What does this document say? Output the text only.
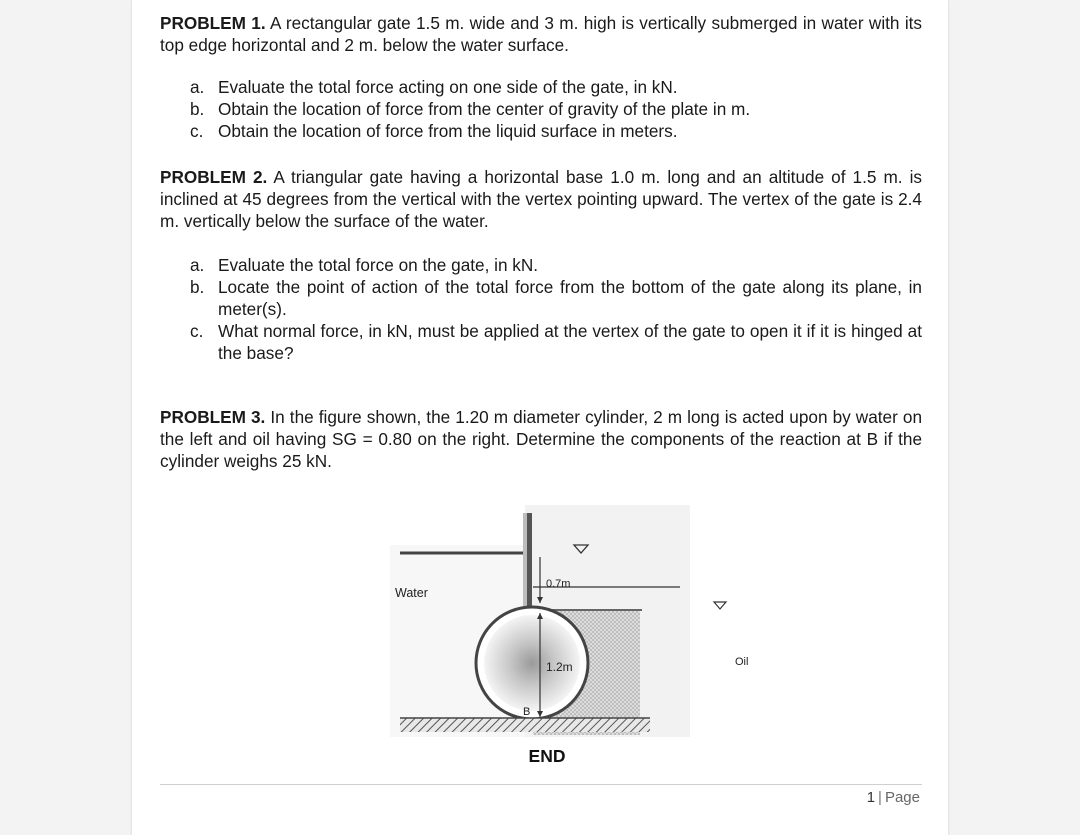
PROBLEM 1. A rectangular gate 1.5 m. wide and 3 m. high is vertically submerged in water with its top edge horizontal and 2 m. below the water surface.

a. Evaluate the total force acting on one side of the gate, in kN.
b. Obtain the location of force from the center of gravity of the plate in m.
c. Obtain the location of force from the liquid surface in meters.

PROBLEM 2. A triangular gate having a horizontal base 1.0 m. long and an altitude of 1.5 m. is inclined at 45 degrees from the vertical with the vertex pointing upward. The vertex of the gate is 2.4 m. vertically below the surface of the water.

a. Evaluate the total force on the gate, in kN.
b. Locate the point of action of the total force from the bottom of the gate along its plane, in meter(s).
c. What normal force, in kN, must be applied at the vertex of the gate to open it if it is hinged at the base?

PROBLEM 3. In the figure shown, the 1.20 m diameter cylinder, 2 m long is acted upon by water on the left and oil having SG = 0.80 on the right. Determine the components of the reaction at B if the cylinder weighs 25 kN.

Water
Oil
0.7m
1.2m
B
END
1 | Page
